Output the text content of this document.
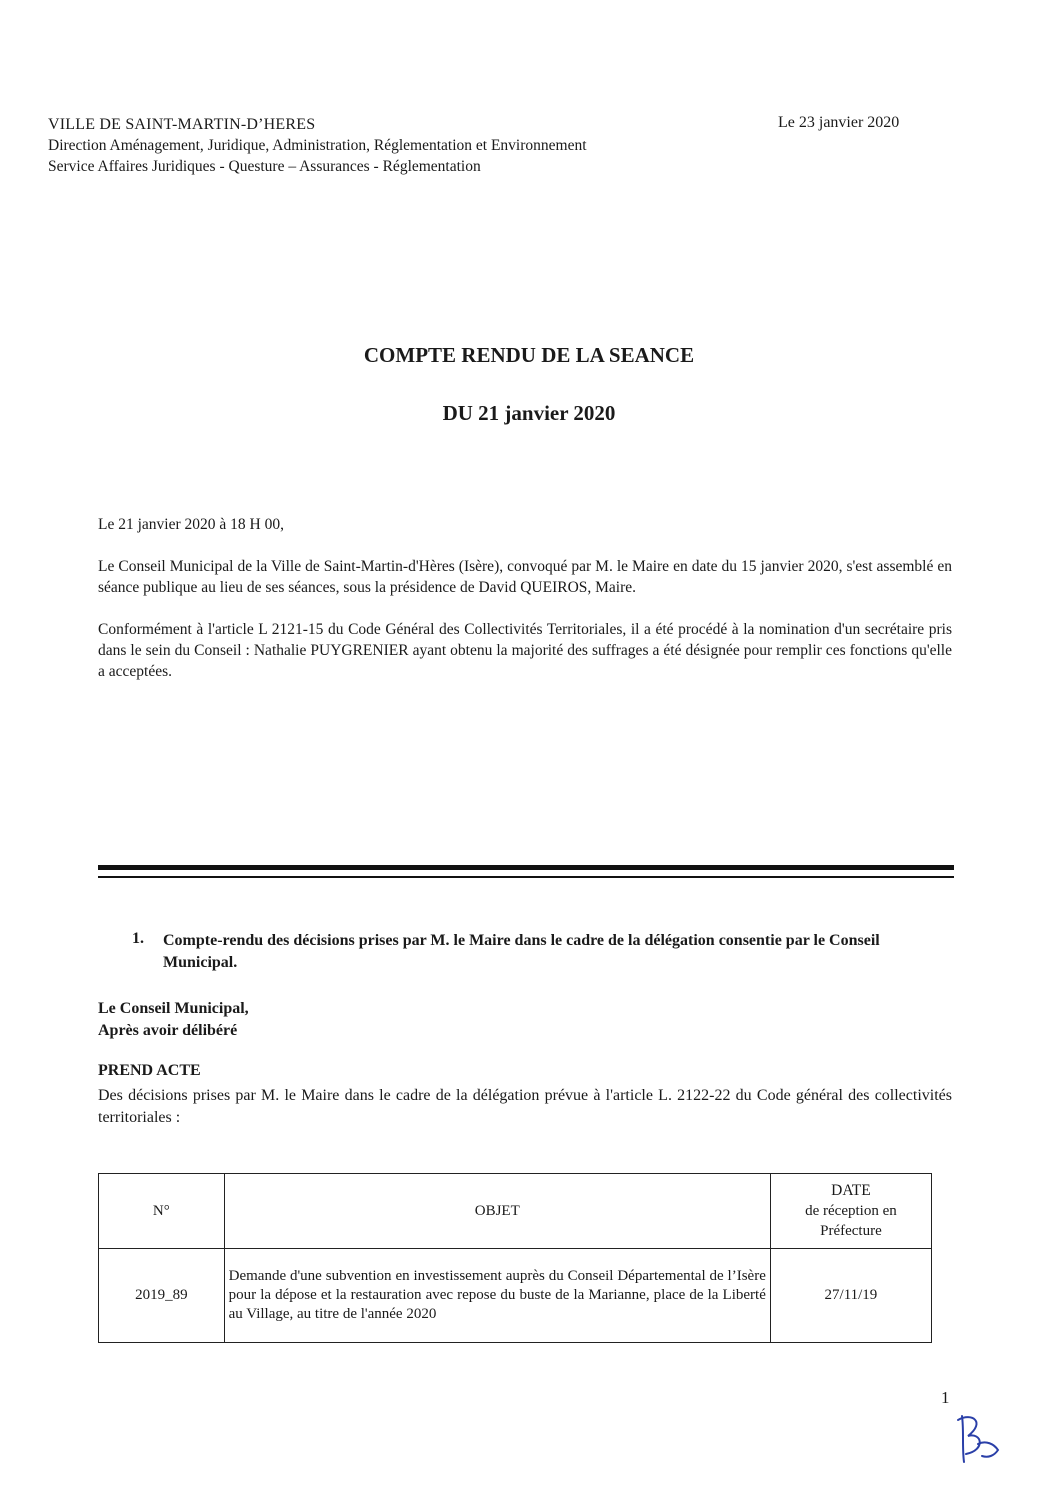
VILLE DE SAINT-MARTIN-D’HERES
Direction Aménagement, Juridique, Administration, Réglementation et Environnement
Service Affaires Juridiques - Questure – Assurances - Réglementation
Le 23 janvier 2020
COMPTE RENDU DE LA SEANCE
DU 21 janvier 2020
Le 21 janvier 2020 à 18 H 00,
Le Conseil Municipal de la Ville de Saint-Martin-d'Hères (Isère), convoqué par M. le Maire en date du 15 janvier 2020, s'est assemblé en séance publique au lieu de ses séances, sous la présidence de David QUEIROS, Maire.
Conformément à l'article L 2121-15 du Code Général des Collectivités Territoriales, il a été procédé à la nomination d'un secrétaire pris dans le sein du Conseil : Nathalie PUYGRENIER ayant obtenu la majorité des suffrages a été désignée pour remplir ces fonctions qu'elle a acceptées.
1. Compte-rendu des décisions prises par M. le Maire dans le cadre de la délégation consentie par le Conseil Municipal.
Le Conseil Municipal,
Après avoir délibéré
PREND ACTE
Des décisions prises par M. le Maire dans le cadre de la délégation prévue à l'article L. 2122-22 du Code général des collectivités territoriales :
N°	OBJET	DATE
de réception en
Préfecture

2019_89	Demande d'une subvention en investissement auprès du Conseil Départemental de l’Isère pour la dépose et la restauration avec repose du buste de la Marianne, place de la Liberté au Village, au titre de l'année 2020	27/11/19
1
